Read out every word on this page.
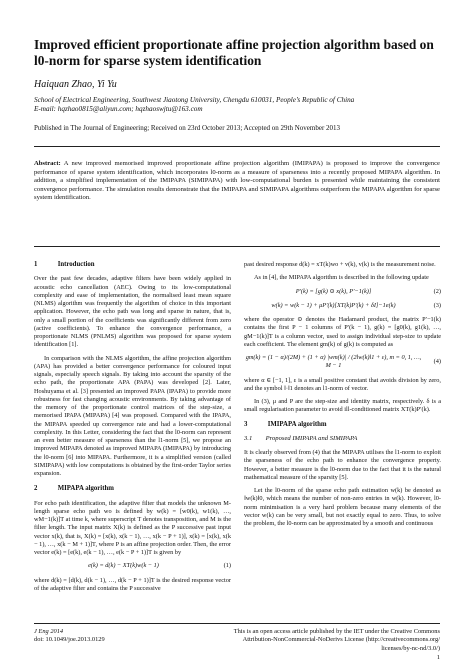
Improved efficient proportionate affine projection algorithm based on l0-norm for sparse system identification
Haiquan Zhao, Yi Yu
School of Electrical Engineering, Southwest Jiaotong University, Chengdu 610031, People’s Republic of China
E-mail: hqzhao0815@aliyun.com; hqzhaoswjtu@163.com
Published in The Journal of Engineering; Received on 23rd October 2013; Accepted on 29th November 2013
Abstract: A new improved memorised improved proportionate affine projection algorithm (IMIPAPA) is proposed to improve the convergence performance of sparse system identification, which incorporates l0-norm as a measure of sparseness into a recently proposed MIPAPA algorithm. In addition, a simplified implementation of the IMIPAPA (SIMIPAPA) with low-computational burden is presented while maintaining the consistent convergence performance. The simulation results demonstrate that the IMIPAPA and SIMIPAPA algorithms outperform the MIPAPA algorithm for sparse system identification.
1	Introduction

Over the past few decades, adaptive filters have been widely applied in acoustic echo cancellation (AEC). Owing to its low-computational complexity and ease of implementation, the normalised least mean square (NLMS) algorithm was frequently the algorithm of choice in this important application. However, the echo path was long and sparse in nature, that is, only a small portion of the coefficients was significantly different from zero (active coefficients). To enhance the convergence performance, a proportionate NLMS (PNLMS) algorithm was proposed for sparse system identification [1].

In comparison with the NLMS algorithm, the affine projection algorithm (APA) has provided a better convergence performance for coloured input signals, especially speech signals. By taking into account the sparsity of the echo path, the proportionate APA (PAPA) was developed [2]. Later, Hoshuyama et al. [3] presented an improved PAPA (IPAPA) to provide more robustness for fast changing acoustic environments. By taking advantage of the memory of the proportionate control matrices of the step-size, a memorised IPAPA (MIPAPA) [4] was proposed. Compared with the IPAPA, the MIPAPA speeded up convergence rate and had a lower-computational complexity. In this Letter, considering the fact that the l0-norm can represent an even better measure of sparseness than the l1-norm [5], we propose an improved MIPAPA denoted as improved MIPAPA (IMIPAPA) by introducing the l0-norm [6] into MIPAPA. Furthermore, it is a simplified version (called SIMIPAPA) with low computations is obtained by the first-order Taylor series expansion.

2	MIPAPA algorithm

For echo path identification, the adaptive filter that models the unknown M-length sparse echo path wo is defined by w(k) = [w0(k), w1(k), …, wM−1(k)]T at time k, where superscript T denotes transposition, and M is the filter length. The input matrix X(k) is defined as the P successive past input vector x(k), that is, X(k) = [x(k), x(k − 1), …, x(k − P + 1)], x(k) = [x(k), x(k − 1), …, x(k − M + 1)]T, where P is an affine projection order. Then, the error vector e(k) = [e(k), e(k − 1), …, e(k − P + 1)]T is given by

e(k) = d(k) − XT(k)w(k − 1)	(1)

where d(k) = [d(k), d(k − 1), …, d(k − P + 1)]T is the desired response vector of the adaptive filter and contains the P successive

past desired response d(k) = xT(k)wo + v(k), v(k) is the measurement noise.

As in [4], the MIPAPA algorithm is described in the following update

P′(k) = [g(k) ⊙ x(k), P′−1(k)]	(2)
w(k) = w(k − 1) + μP′(k)[XT(k)P′(k) + δI]−1e(k)	(3)

where the operator ⊙ denotes the Hadamard product, the matrix P′−1(k) contains the first P − 1 columns of P′(k − 1), g(k) = [g0(k), g1(k), …, gM−1(k)]T is a column vector, used to assign individual step-size to update each coefficient. The element gm(k) of g(k) is computed as

gm(k) = (1 − α)/(2M) + (1 + α) |wm(k)| / (2‖w(k)‖1 + ε), m = 0, 1, …, M − 1
(4)

where α ∈ [−1, 1], ε is a small positive constant that avoids division by zero, and the symbol ‖·‖1 denotes an l1-norm of vector.

In (3), μ and P are the step-size and identity matrix, respectively. δ is a small regularisation parameter to avoid ill-conditioned matrix XT(k)P′(k).

3	IMIPAPA algorithm
3.1 Proposed IMIPAPA and SIMIPAPA

It is clearly observed from (4) that the MIPAPA utilises the l1-norm to exploit the sparseness of the echo path to enhance the convergence property. However, a better measure is the l0-norm due to the fact that it is the natural mathematical measure of the sparsity [5].

Let the l0-norm of the sparse echo path estimation w(k) be denoted as ‖w(k)‖0, which means the number of non-zero entries in w(k). However, l0-norm minimisation is a very hard problem because many elements of the vector w(k) can be very small, but not exactly equal to zero. Thus, to solve the problem, the l0-norm can be approximated by a smooth and continuous

J Eng 2014
doi: 10.1049/joe.2013.0129
This is an open access article published by the IET under the Creative Commons
Attribution-NonCommercial-NoDerivs License (http://creativecommons.org/
licenses/by-nc-nd/3.0/)
1
